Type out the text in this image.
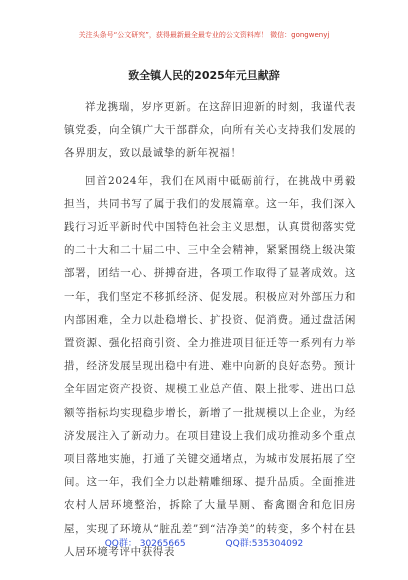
关注头条号“公文研究”，获得最新最全最专业的公文资料库！ 微信：gongwenyj
致全镇人民的2025年元旦献辞

祥龙携瑞，岁序更新。在这辞旧迎新的时刻，我谨代表镇党委，向全镇广大干部群众，向所有关心支持我们发展的各界朋友，致以最诚挚的新年祝福！

回首2024年，我们在风雨中砥砺前行，在挑战中勇毅担当，共同书写了属于我们的发展篇章。这一年，我们深入践行习近平新时代中国特色社会主义思想，认真贯彻落实党的二十大和二十届二中、三中全会精神，紧紧围绕上级决策部署，团结一心、拼搏奋进，各项工作取得了显著成效。这一年，我们坚定不移抓经济、促发展。积极应对外部压力和内部困难，全力以赴稳增长、扩投资、促消费。通过盘活闲置资源、强化招商引资、全力推进项目征迁等一系列有力举措，经济发展呈现出稳中有进、难中向新的良好态势。预计全年固定资产投资、规模工业总产值、限上批零、进出口总额等指标均实现稳步增长，新增了一批规模以上企业，为经济发展注入了新动力。在项目建设上我们成功推动多个重点项目落地实施，打通了关键交通堵点，为城市发展拓展了空间。这一年，我们全力以赴精雕细琢、提升品质。全面推进农村人居环境整治，拆除了大量旱厕、畜禽圈舍和危旧房屋，实现了环境从“脏乱差”到“洁净美”的转变，多个村在县人居环境考评中获得表

QQ群： 30265665	QQ群:535304092
